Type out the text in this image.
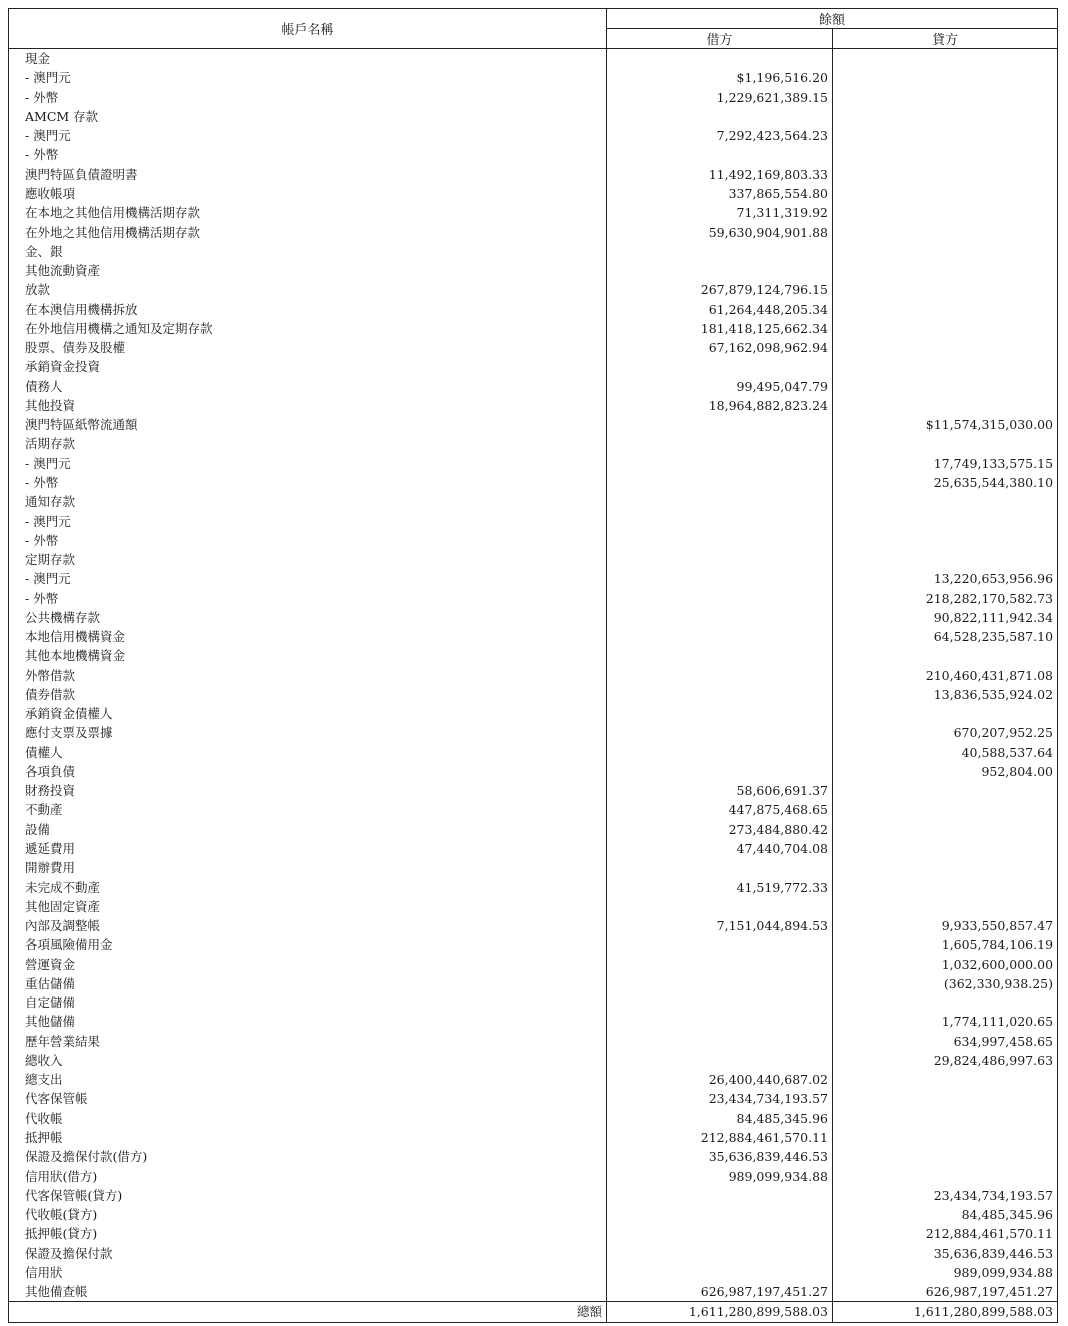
帳戶名稱	餘額	
	借方	貸方
現金		
- 澳門元	$1,196,516.20	
- 外幣	1,229,621,389.15	
AMCM 存款		
- 澳門元	7,292,423,564.23	
- 外幣		
澳門特區負債證明書	11,492,169,803.33	
應收帳項	337,865,554.80	
在本地之其他信用機構活期存款	71,311,319.92	
在外地之其他信用機構活期存款	59,630,904,901.88	
金、銀		
其他流動資產		
放款	267,879,124,796.15	
在本澳信用機構拆放	61,264,448,205.34	
在外地信用機構之通知及定期存款	181,418,125,662.34	
股票、債券及股權	67,162,098,962.94	
承銷資金投資		
債務人	99,495,047.79	
其他投資	18,964,882,823.24	
澳門特區紙幣流通額		$11,574,315,030.00
活期存款		
- 澳門元		17,749,133,575.15
- 外幣		25,635,544,380.10
通知存款		
- 澳門元		
- 外幣		
定期存款		
- 澳門元		13,220,653,956.96
- 外幣		218,282,170,582.73
公共機構存款		90,822,111,942.34
本地信用機構資金		64,528,235,587.10
其他本地機構資金		
外幣借款		210,460,431,871.08
債券借款		13,836,535,924.02
承銷資金債權人		
應付支票及票據		670,207,952.25
債權人		40,588,537.64
各項負債		952,804.00
財務投資	58,606,691.37	
不動產	447,875,468.65	
設備	273,484,880.42	
遞延費用	47,440,704.08	
開辦費用		
未完成不動產	41,519,772.33	
其他固定資產		
內部及調整帳	7,151,044,894.53	9,933,550,857.47
各項風險備用金		1,605,784,106.19
營運資金		1,032,600,000.00
重估儲備		(362,330,938.25)
自定儲備		
其他儲備		1,774,111,020.65
歷年營業結果		634,997,458.65
總收入		29,824,486,997.63
總支出	26,400,440,687.02	
代客保管帳	23,434,734,193.57	
代收帳	84,485,345.96	
抵押帳	212,884,461,570.11	
保證及擔保付款(借方)	35,636,839,446.53	
信用狀(借方)	989,099,934.88	
代客保管帳(貸方)		23,434,734,193.57
代收帳(貸方)		84,485,345.96
抵押帳(貸方)		212,884,461,570.11
保證及擔保付款		35,636,839,446.53
信用狀		989,099,934.88
其他備查帳	626,987,197,451.27	626,987,197,451.27
總額	1,611,280,899,588.03	1,611,280,899,588.03
